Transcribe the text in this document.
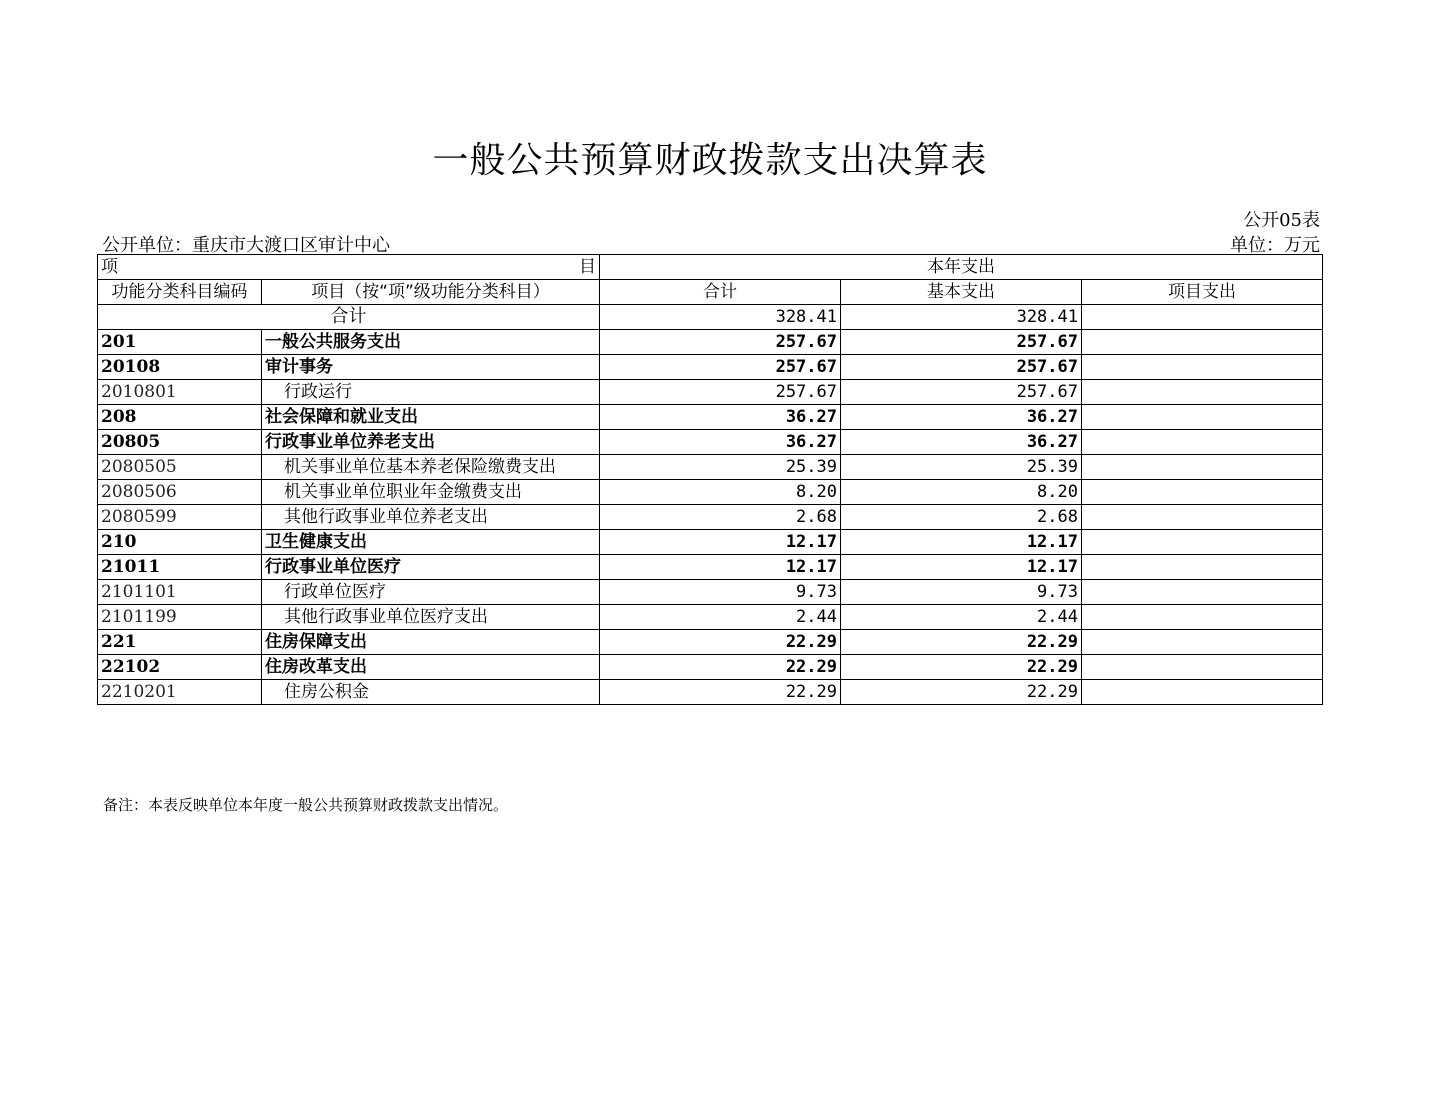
一般公共预算财政拨款支出决算表
公开05表
公开单位：重庆市大渡口区审计中心	单位：万元
项 目		本年支出		
功能分类科目编码	项目（按“项”级功能分类科目）	合计	基本支出	项目支出
合计		328.41	328.41	
201	一般公共服务支出	257.67	257.67	
20108	审计事务	257.67	257.67	
2010801	行政运行	257.67	257.67	
208	社会保障和就业支出	36.27	36.27	
20805	行政事业单位养老支出	36.27	36.27	
2080505	机关事业单位基本养老保险缴费支出	25.39	25.39	
2080506	机关事业单位职业年金缴费支出	8.20	8.20	
2080599	其他行政事业单位养老支出	2.68	2.68	
210	卫生健康支出	12.17	12.17	
21011	行政事业单位医疗	12.17	12.17	
2101101	行政单位医疗	9.73	9.73	
2101199	其他行政事业单位医疗支出	2.44	2.44	
221	住房保障支出	22.29	22.29	
22102	住房改革支出	22.29	22.29	
2210201	住房公积金	22.29	22.29	
备注：本表反映单位本年度一般公共预算财政拨款支出情况。
